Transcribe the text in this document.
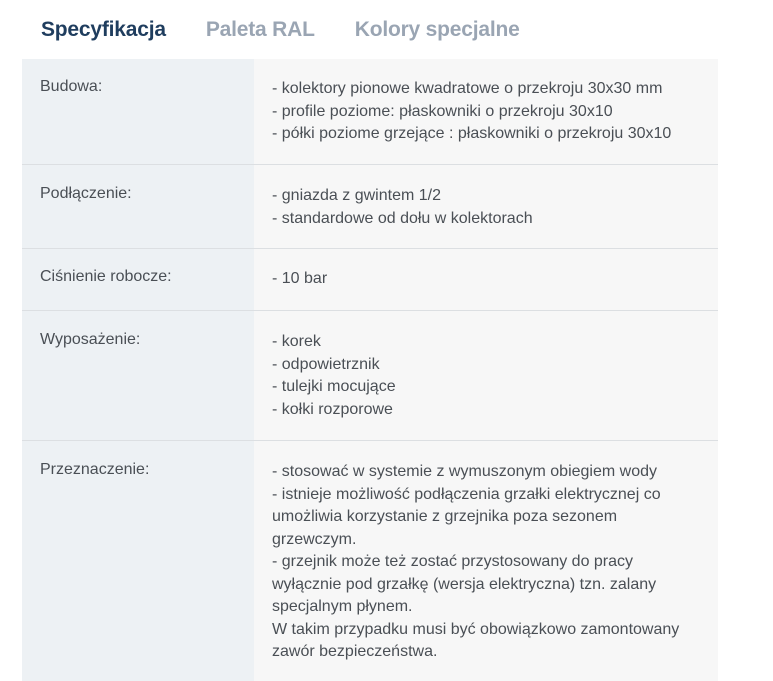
Specyfikacja Paleta RAL Kolory specjalne
Budowa:	- kolektory pionowe kwadratowe o przekroju 30x30 mm
- profile poziome: płaskowniki o przekroju 30x10
- półki poziome grzejące : płaskowniki o przekroju 30x10
Podłączenie:	- gniazda z gwintem 1/2
- standardowe od dołu w kolektorach
Ciśnienie robocze:	- 10 bar
Wyposażenie:	- korek
- odpowietrznik
- tulejki mocujące
- kołki rozporowe
Przeznaczenie:	- stosować w systemie z wymuszonym obiegiem wody
- istnieje możliwość podłączenia grzałki elektrycznej co
umożliwia korzystanie z grzejnika poza sezonem
grzewczym.
- grzejnik może też zostać przystosowany do pracy
wyłącznie pod grzałkę (wersja elektryczna) tzn. zalany
specjalnym płynem.
W takim przypadku musi być obowiązkowo zamontowany
zawór bezpieczeństwa.
